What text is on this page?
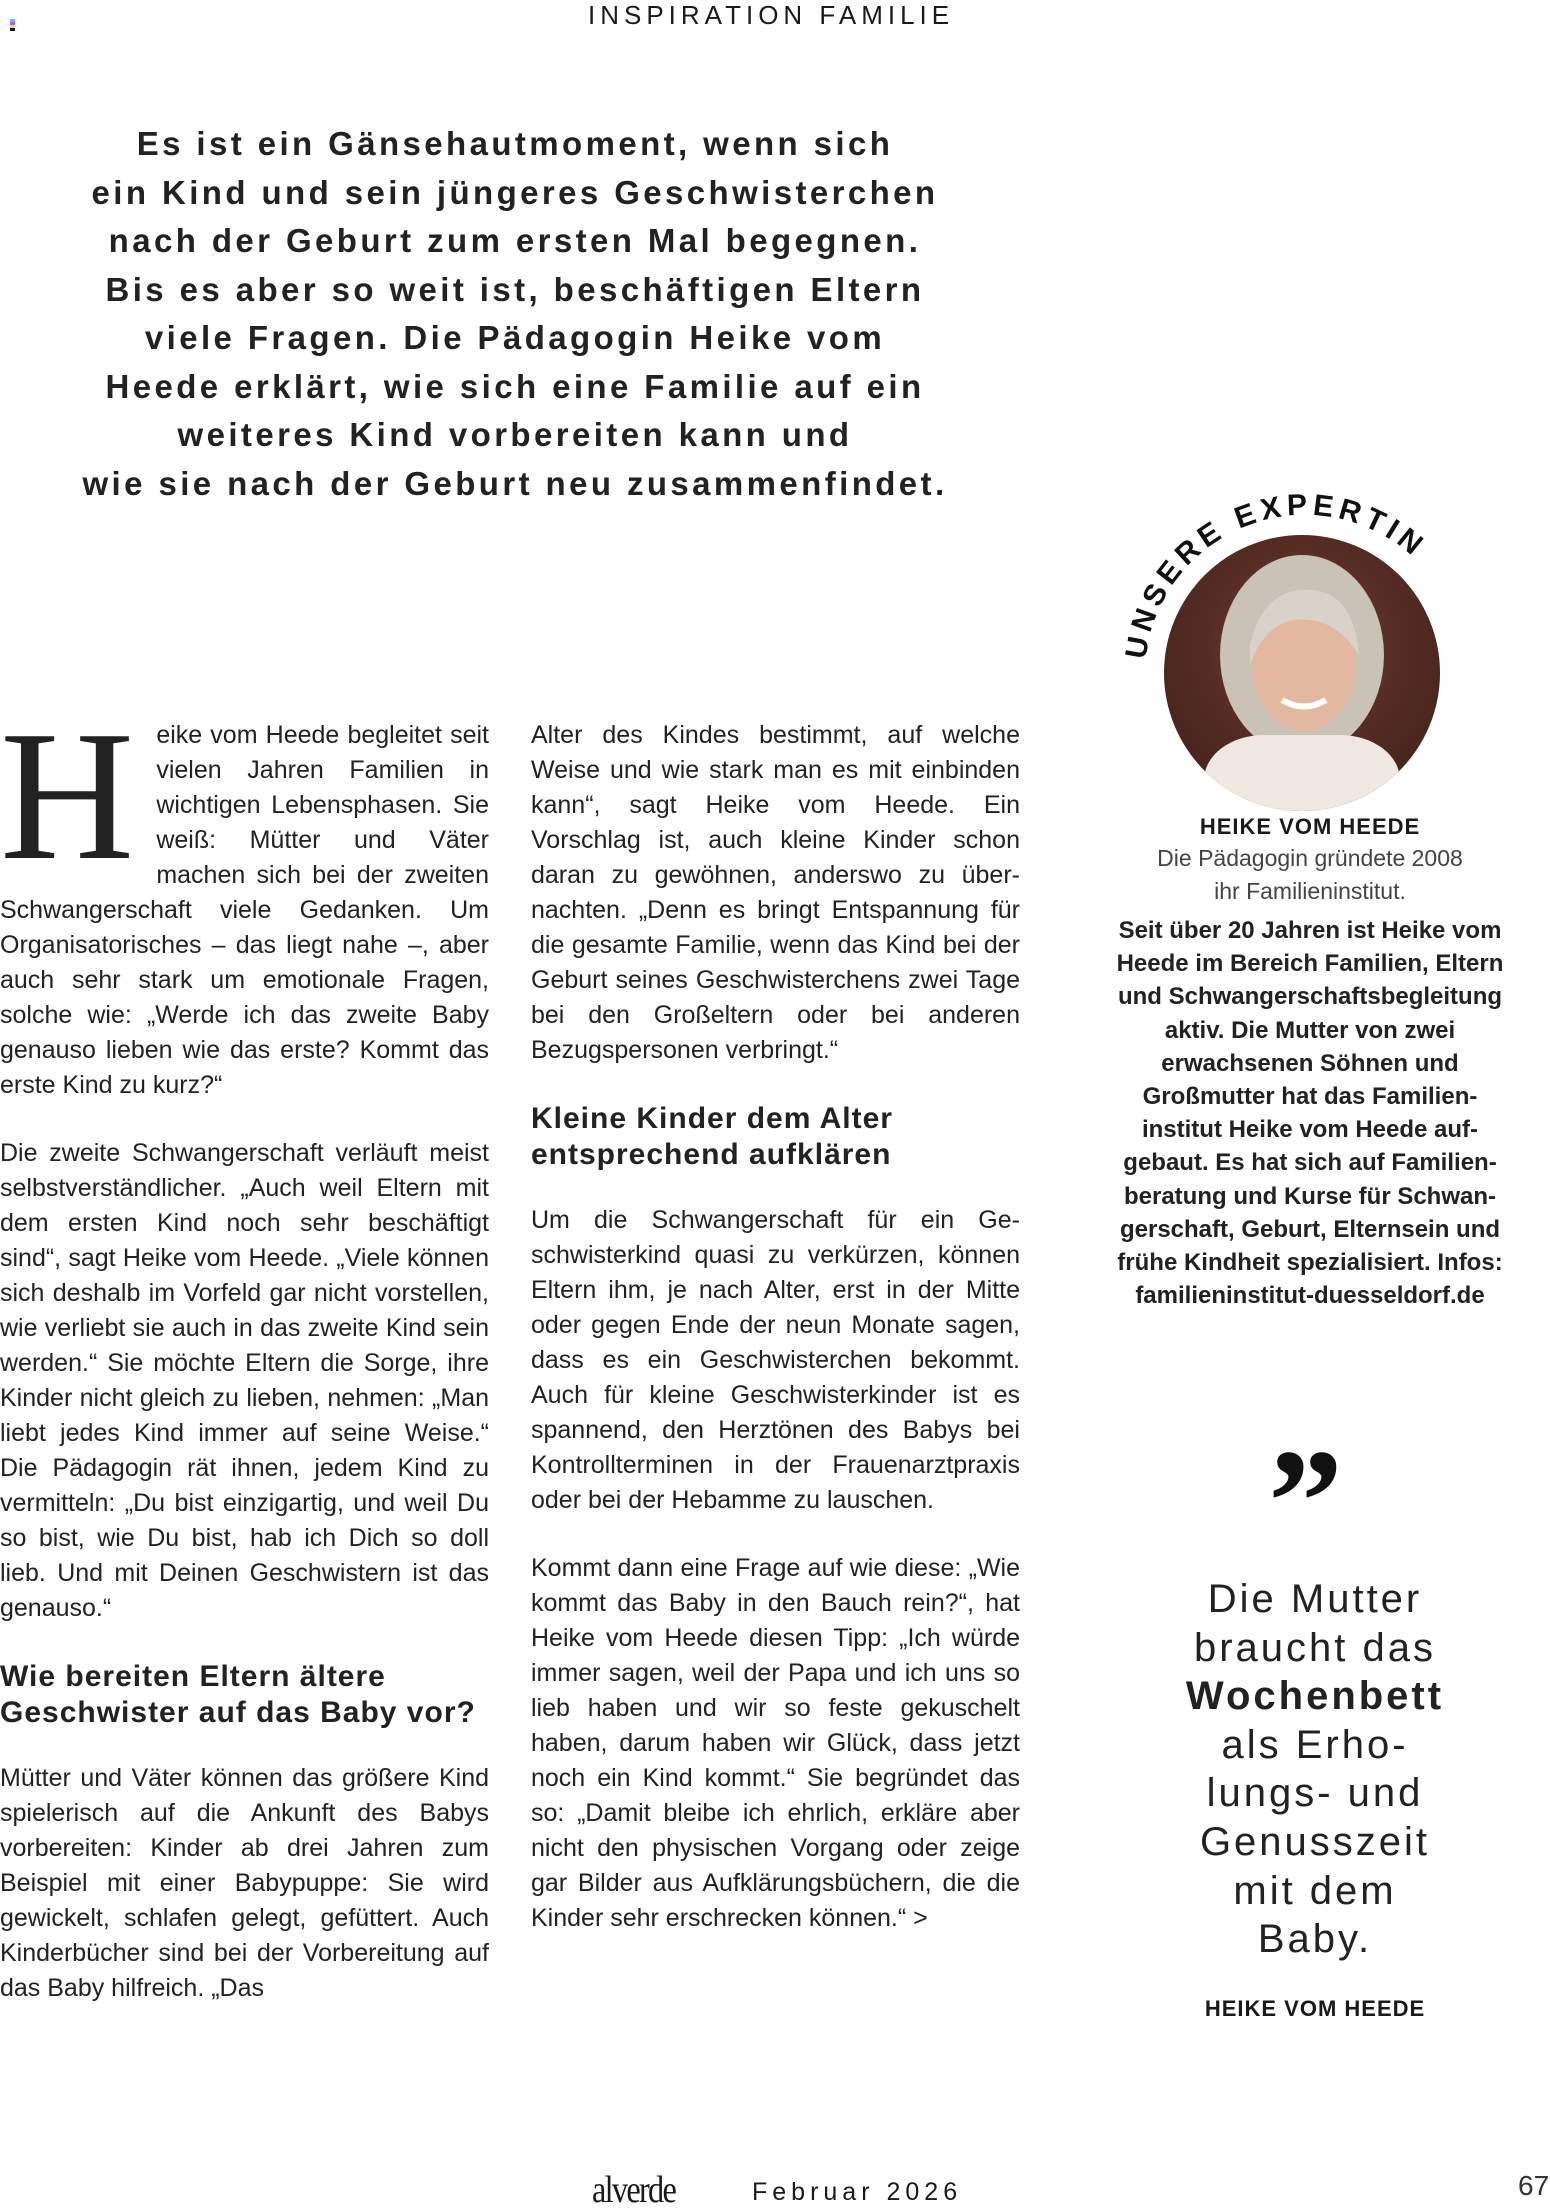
INSPIRATION FAMILIE
Es ist ein Gänsehautmoment, wenn sich
ein Kind und sein jüngeres Geschwisterchen
nach der Geburt zum ersten Mal begegnen.
Bis es aber so weit ist, beschäftigen Eltern
viele Fragen. Die Pädagogin Heike vom
Heede erklärt, wie sich eine Familie auf ein
weiteres Kind vorbereiten kann und
wie sie nach der Geburt neu zusammenfindet.

Heike vom Heede begleitet seit vielen Jahren Familien in wichtigen Lebensphasen. Sie weiß: Mütter und Väter machen sich bei der zweiten Schwangerschaft viele Gedanken. Um Organisatorisches – das liegt nahe –, aber auch sehr stark um emotionale Fragen, solche wie: „Werde ich das zweite Baby genauso lieben wie das erste? Kommt das erste Kind zu kurz?“

Die zweite Schwangerschaft verläuft meist selbstverständlicher. „Auch weil Eltern mit dem ersten Kind noch sehr beschäftigt sind“, sagt Heike vom Heede. „Viele können sich deshalb im Vorfeld gar nicht vorstellen, wie verliebt sie auch in das zweite Kind sein werden.“ Sie möchte Eltern die Sorge, ihre Kinder nicht gleich zu lieben, nehmen: „Man liebt jedes Kind immer auf seine Weise.“ Die Pädagogin rät ihnen, jedem Kind zu vermitteln: „Du bist einzigartig, und weil Du so bist, wie Du bist, hab ich Dich so doll lieb. Und mit Deinen Geschwistern ist das genauso.“

Wie bereiten Eltern ältere Geschwister auf das Baby vor?

Mütter und Väter können das größere Kind spielerisch auf die Ankunft des Babys vorbereiten: Kinder ab drei Jahren zum Beispiel mit einer Babypuppe: Sie wird gewickelt, schlafen gelegt, gefüttert. Auch Kinderbücher sind bei der Vorbereitung auf das Baby hilfreich. „Das

Alter des Kindes bestimmt, auf welche Weise und wie stark man es mit einbinden kann“, sagt Heike vom Heede. Ein Vorschlag ist, auch kleine Kinder schon daran zu gewöhnen, anderswo zu übernachten. „Denn es bringt Entspannung für die gesamte Familie, wenn das Kind bei der Geburt seines Geschwisterchens zwei Tage bei den Großeltern oder bei anderen Bezugspersonen verbringt.“

Kleine Kinder dem Alter entsprechend aufklären

Um die Schwangerschaft für ein Geschwisterkind quasi zu verkürzen, können Eltern ihm, je nach Alter, erst in der Mitte oder gegen Ende der neun Monate sagen, dass es ein Geschwisterchen bekommt. Auch für kleine Geschwisterkinder ist es spannend, den Herztönen des Babys bei Kontrollterminen in der Frauenarztpraxis oder bei der Hebamme zu lauschen.

Kommt dann eine Frage auf wie diese: „Wie kommt das Baby in den Bauch rein?“, hat Heike vom Heede diesen Tipp: „Ich würde immer sagen, weil der Papa und ich uns so lieb haben und wir so feste gekuschelt haben, darum haben wir Glück, dass jetzt noch ein Kind kommt.“ Sie begründet das so: „Damit bleibe ich ehrlich, erkläre aber nicht den physischen Vorgang oder zeige gar Bilder aus Aufklärungsbüchern, die die Kinder sehr erschrecken können.“ >

UNSERE EXPERTIN
HEIKE VOM HEEDE
Die Pädagogin gründete 2008 ihr Familieninstitut.
Seit über 20 Jahren ist Heike vom Heede im Bereich Familien, Eltern und Schwangerschaftsbegleitung aktiv. Die Mutter von zwei erwachsenen Söhnen und Großmutter hat das Familieninstitut Heike vom Heede aufgebaut. Es hat sich auf Familienberatung und Kurse für Schwangerschaft, Geburt, Elternsein und frühe Kindheit spezialisiert. Infos: familieninstitut-duesseldorf.de
”
Die Mutter
braucht das
Wochenbett
als Erho-
lungs- und
Genusszeit
mit dem
Baby.
HEIKE VOM HEEDE
alverde	Februar 2026	67
